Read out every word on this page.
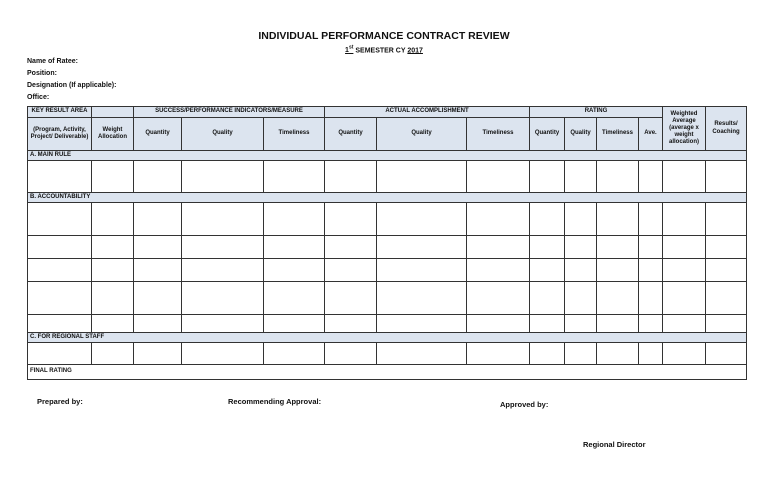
INDIVIDUAL PERFORMANCE CONTRACT REVIEW
1st SEMESTER CY 2017
Name of Ratee:
Position:
Designation (If applicable):
Office:
KEY RESULT AREA		SUCCESS/PERFORMANCE INDICATORS/MEASURE			ACTUAL ACCOMPLISHMENT			RATING				Weighted Average (average x weight allocation)	Results/ Coaching
(Program, Activity, Project/ Deliverable)	Weight Allocation	Quantity	Quality	Timeliness	Quantity	Quality	Timeliness	Quantity	Quality	Timeliness	Ave.		
A. MAIN RULE													

B. ACCOUNTABILITY													

C. FOR REGIONAL STAFF													

FINAL RATING													
Prepared by:	Recommending Approval:	Approved by:
Regional Director
